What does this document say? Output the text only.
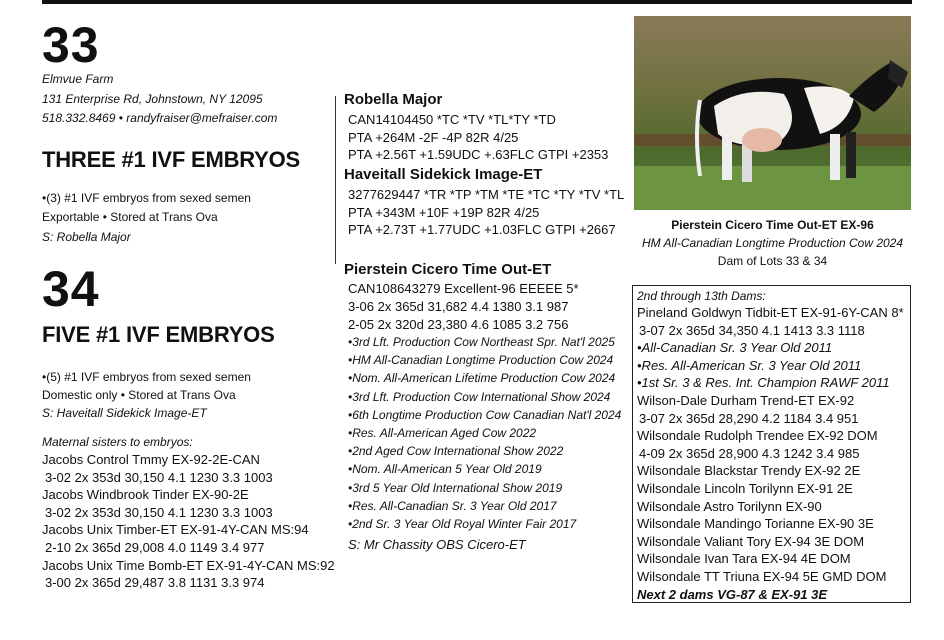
33
Elmvue Farm
131 Enterprise Rd, Johnstown, NY 12095
518.332.8469 • randyfraiser@mefraiser.com
THREE #1 IVF EMBRYOS
•(3) #1 IVF embryos from sexed semen
Exportable • Stored at Trans Ova
S: Robella Major
34
FIVE #1 IVF EMBRYOS
•(5) #1 IVF embryos from sexed semen
Domestic only • Stored at Trans Ova
S: Haveitall Sidekick Image-ET
Maternal sisters to embryos:
Jacobs Control Tmmy EX-92-2E-CAN
3-02 2x 353d 30,150 4.1 1230 3.3 1003
Jacobs Windbrook Tinder EX-90-2E
3-02 2x 353d 30,150 4.1 1230 3.3 1003
Jacobs Unix Timber-ET EX-91-4Y-CAN MS:94
2-10 2x 365d 29,008 4.0 1149 3.4 977
Jacobs Unix Time Bomb-ET EX-91-4Y-CAN MS:92
3-00 2x 365d 29,487 3.8 1131 3.3 974
Robella Major
CAN14104450 *TC *TV *TL*TY *TD
PTA +264M -2F -4P 82R 4/25
PTA +2.56T +1.59UDC +.63FLC GTPI +2353
Haveitall Sidekick Image-ET
3277629447 *TR *TP *TM *TE *TC *TY *TV *TL
PTA +343M +10F +19P 82R 4/25
PTA +2.73T +1.77UDC +1.03FLC GTPI +2667
Pierstein Cicero Time Out-ET
CAN108643279 Excellent-96 EEEEE 5*
3-06 2x 365d 31,682 4.4 1380 3.1 987
2-05 2x 320d 23,380 4.6 1085 3.2 756
•3rd Lft. Production Cow Northeast Spr. Nat'l 2025
•HM All-Canadian Longtime Production Cow 2024
•Nom. All-American Lifetime Production Cow 2024
•3rd Lft. Production Cow International Show 2024
•6th Longtime Production Cow Canadian Nat'l 2024
•Res. All-American Aged Cow 2022
•2nd Aged Cow International Show 2022
•Nom. All-American 5 Year Old 2019
•3rd 5 Year Old International Show 2019
•Res. All-Canadian Sr. 3 Year Old 2017
•2nd Sr. 3 Year Old Royal Winter Fair 2017
S: Mr Chassity OBS Cicero-ET
Pierstein Cicero Time Out-ET EX-96
HM All-Canadian Longtime Production Cow 2024
Dam of Lots 33 & 34
2nd through 13th Dams:
Pineland Goldwyn Tidbit-ET EX-91-6Y-CAN 8*
3-07 2x 365d 34,350 4.1 1413 3.3 1118
•All-Canadian Sr. 3 Year Old 2011
•Res. All-American Sr. 3 Year Old 2011
•1st Sr. 3 & Res. Int. Champion RAWF 2011
Wilson-Dale Durham Trend-ET EX-92
3-07 2x 365d 28,290 4.2 1184 3.4 951
Wilsondale Rudolph Trendee EX-92 DOM
4-09 2x 365d 28,900 4.3 1242 3.4 985
Wilsondale Blackstar Trendy EX-92 2E
Wilsondale Lincoln Torilynn EX-91 2E
Wilsondale Astro Torilynn EX-90
Wilsondale Mandingo Torianne EX-90 3E
Wilsondale Valiant Tory EX-94 3E DOM
Wilsondale Ivan Tara EX-94 4E DOM
Wilsondale TT Triuna EX-94 5E GMD DOM
Next 2 dams VG-87 & EX-91 3E
